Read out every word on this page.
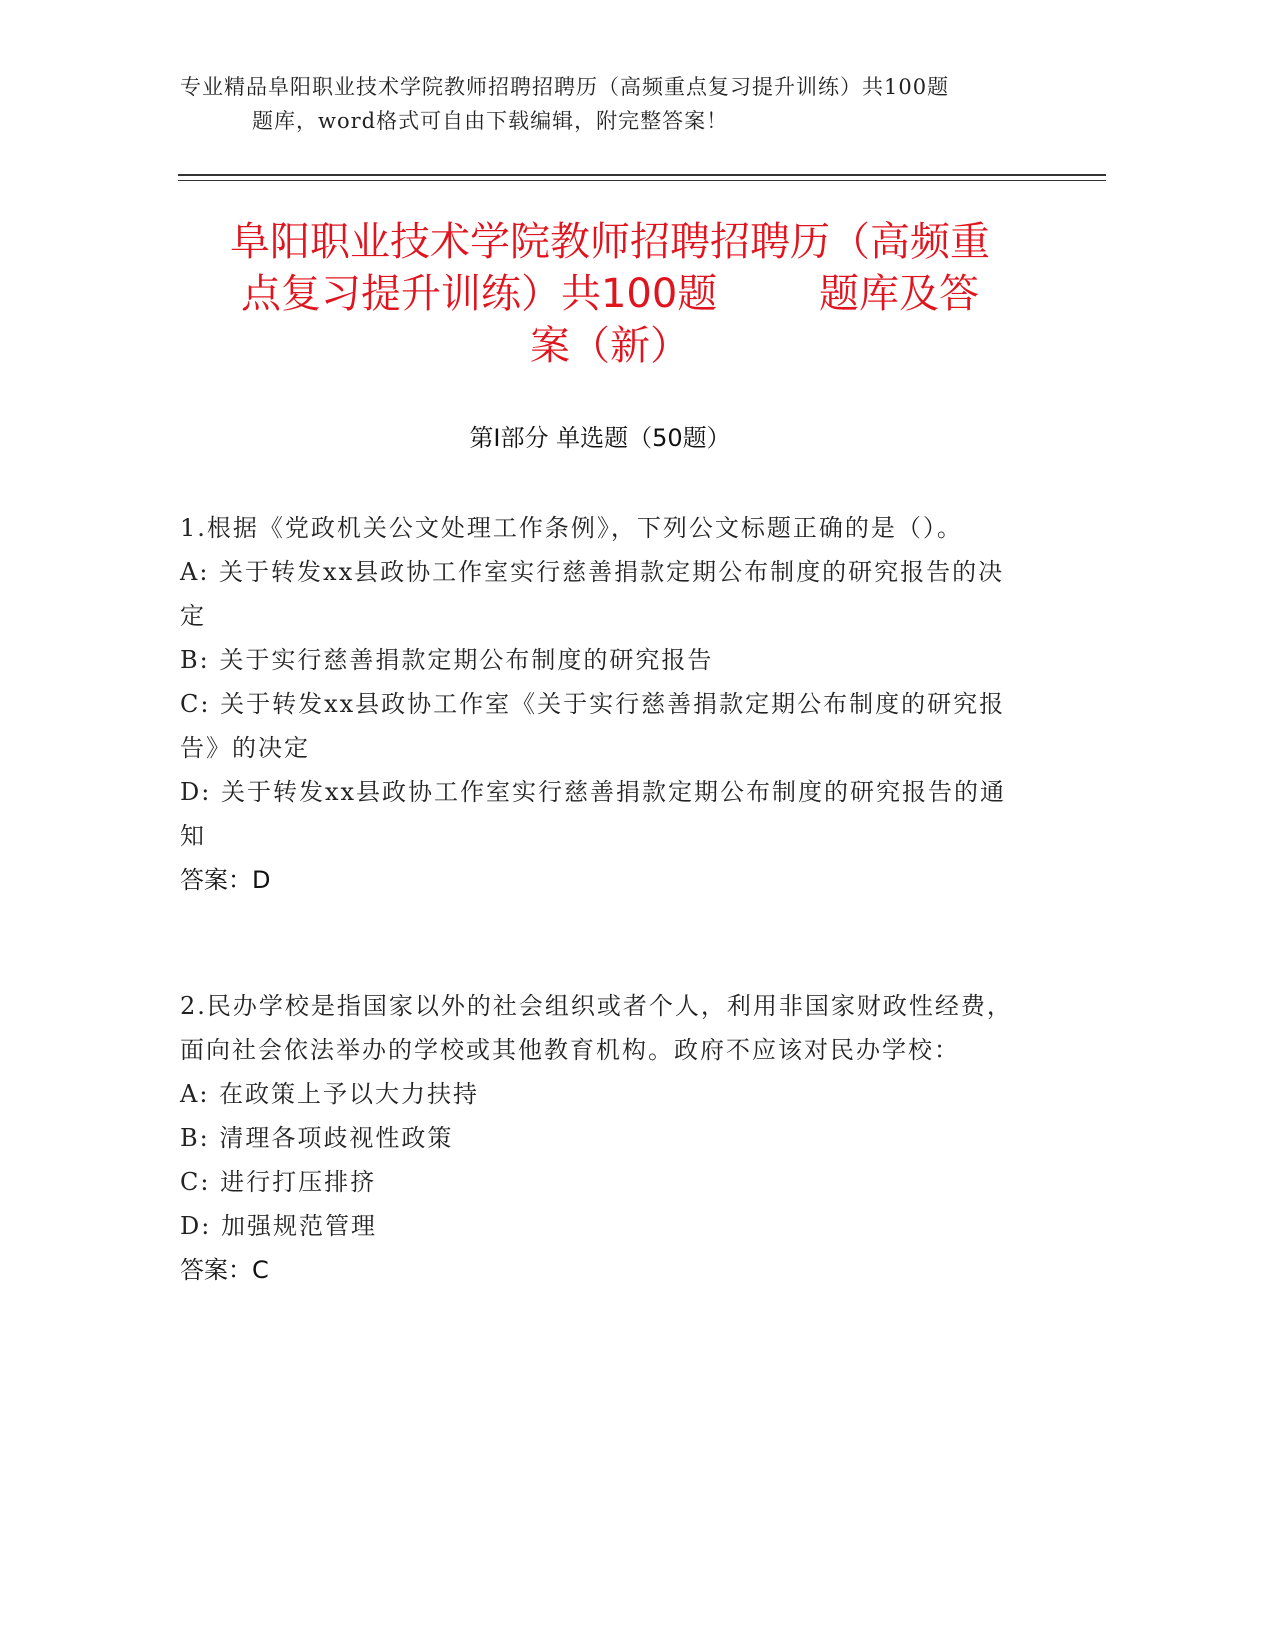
专业精品阜阳职业技术学院教师招聘招聘历（高频重点复习提升训练）共100题
题库，word格式可自由下载编辑，附完整答案！
阜阳职业技术学院教师招聘招聘历（高频重
点复习提升训练）共100题        题库及答
案（新）
第Ⅰ部分 单选题（50题）
1.根据《党政机关公文处理工作条例》，下列公文标题正确的是（）。
A: 关于转发xx县政协工作室实行慈善捐款定期公布制度的研究报告的决定
B: 关于实行慈善捐款定期公布制度的研究报告
C: 关于转发xx县政协工作室《关于实行慈善捐款定期公布制度的研究报告》的决定
D: 关于转发xx县政协工作室实行慈善捐款定期公布制度的研究报告的通知
答案：D
2.民办学校是指国家以外的社会组织或者个人，利用非国家财政性经费，面向社会依法举办的学校或其他教育机构。政府不应该对民办学校：
A: 在政策上予以大力扶持
B: 清理各项歧视性政策
C: 进行打压排挤
D: 加强规范管理
答案：C
